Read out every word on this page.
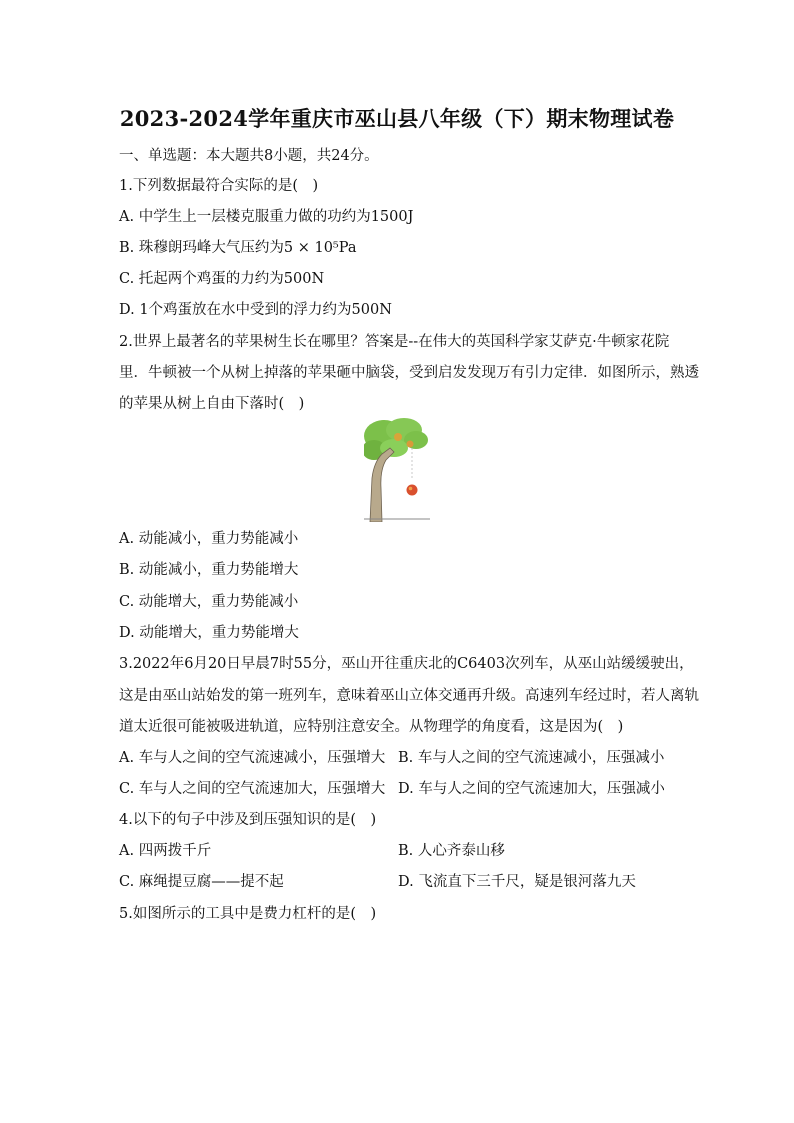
2023-2024学年重庆市巫山县八年级（下）期末物理试卷
一、单选题：本大题共8小题，共24分。
1.下列数据最符合实际的是(　)
A. 中学生上一层楼克服重力做的功约为1500J
B. 珠穆朗玛峰大气压约为5 × 10⁵Pa
C. 托起两个鸡蛋的力约为500N
D. 1个鸡蛋放在水中受到的浮力约为500N
2.世界上最著名的苹果树生长在哪里？答案是--在伟大的英国科学家艾萨克·牛顿家花院
里．牛顿被一个从树上掉落的苹果砸中脑袋，受到启发发现万有引力定律．如图所示，熟透
的苹果从树上自由下落时(　)
A. 动能减小，重力势能减小
B. 动能减小，重力势能增大
C. 动能增大，重力势能减小
D. 动能增大，重力势能增大
3.2022年6月20日早晨7时55分，巫山开往重庆北的C6403次列车，从巫山站缓缓驶出，
这是由巫山站始发的第一班列车，意味着巫山立体交通再升级。高速列车经过时，若人离轨
道太近很可能被吸进轨道，应特别注意安全。从物理学的角度看，这是因为(　)
A. 车与人之间的空气流速减小，压强增大 B. 车与人之间的空气流速减小，压强减小
C. 车与人之间的空气流速加大，压强增大 D. 车与人之间的空气流速加大，压强减小
4.以下的句子中涉及到压强知识的是(　)
A. 四两拨千斤	B. 人心齐泰山移
C. 麻绳提豆腐——提不起	D. 飞流直下三千尺，疑是银河落九天
5.如图所示的工具中是费力杠杆的是(　)
